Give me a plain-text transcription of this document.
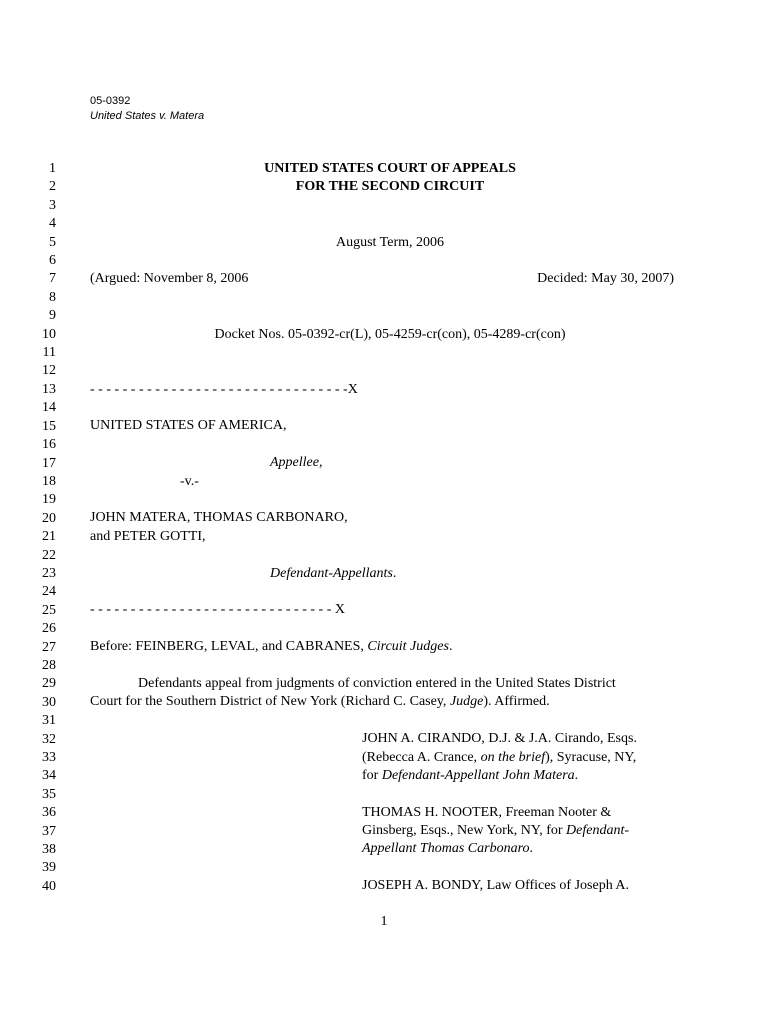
05-0392
United States v. Matera
1
2
3
4
5
6
7
8
9
10
11
12
13
14
15
16
17
18
19
20
21
22
23
24
25
26
27
28
29
30
31
32
33
34
35
36
37
38
39
40
UNITED STATES COURT OF APPEALS
FOR THE SECOND CIRCUIT
August Term, 2006
(Argued: November 8, 2006	Decided: May 30, 2007)
Docket Nos. 05-0392-cr(L), 05-4259-cr(con), 05-4289-cr(con)
- - - - - - - - - - - - - - - - - - - - - - - - - - - - - - - -X
UNITED STATES OF AMERICA,
Appellee,
-v.-
JOHN MATERA, THOMAS CARBONARO,
and PETER GOTTI,
Defendant-Appellants.
- - - - - - - - - - - - - - - - - - - - - - - - - - - - - - X
Before: FEINBERG, LEVAL, and CABRANES, Circuit Judges.
Defendants appeal from judgments of conviction entered in the United States District
Court for the Southern District of New York (Richard C. Casey, Judge). Affirmed.
JOHN A. CIRANDO, D.J. & J.A. Cirando, Esqs.
(Rebecca A. Crance, on the brief), Syracuse, NY,
for Defendant-Appellant John Matera.
THOMAS H. NOOTER, Freeman Nooter &
Ginsberg, Esqs., New York, NY, for Defendant-
Appellant Thomas Carbonaro.
JOSEPH A. BONDY, Law Offices of Joseph A.
1
